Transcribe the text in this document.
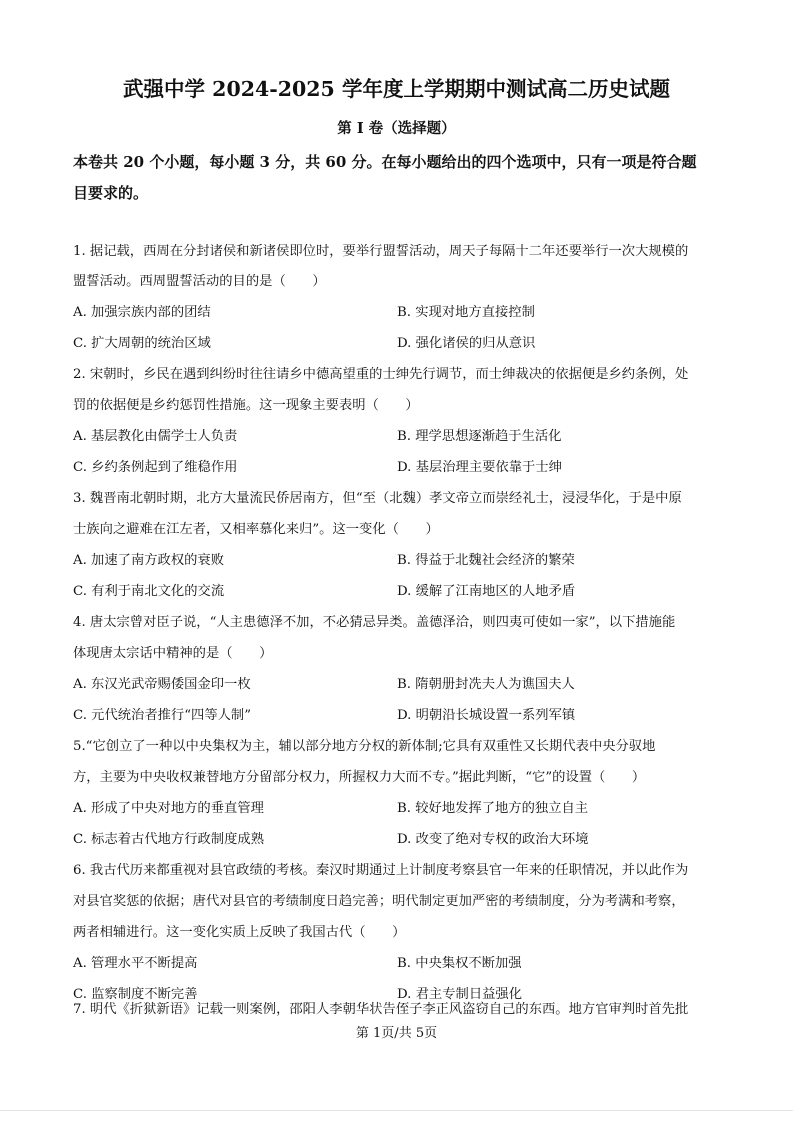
武强中学 2024-2025 学年度上学期期中测试高二历史试题
第 I 卷（选择题）
本卷共 20 个小题，每小题 3 分，共 60 分。在每小题给出的四个选项中，只有一项是符合题
目要求的。
1. 据记载，西周在分封诸侯和新诸侯即位时，要举行盟誓活动，周天子每隔十二年还要举行一次大规模的
盟誓活动。西周盟誓活动的目的是（　　）
A. 加强宗族内部的团结	B. 实现对地方直接控制
C. 扩大周朝的统治区域	D. 强化诸侯的归从意识
2. 宋朝时，乡民在遇到纠纷时往往请乡中德高望重的士绅先行调节，而士绅裁决的依据便是乡约条例，处
罚的依据便是乡约惩罚性措施。这一现象主要表明（　　）
A. 基层教化由儒学士人负责	B. 理学思想逐渐趋于生活化
C. 乡约条例起到了维稳作用	D. 基层治理主要依靠于士绅
3. 魏晋南北朝时期，北方大量流民侨居南方，但“至（北魏）孝文帝立而崇经礼士，浸浸华化，于是中原
士族向之避难在江左者，又相率慕化来归”。这一变化（　　）
A. 加速了南方政权的衰败	B. 得益于北魏社会经济的繁荣
C. 有利于南北文化的交流	D. 缓解了江南地区的人地矛盾
4. 唐太宗曾对臣子说，“人主患德泽不加，不必猜忌异类。盖德泽洽，则四夷可使如一家”，以下措施能
体现唐太宗话中精神的是（　　）
A. 东汉光武帝赐倭国金印一枚	B. 隋朝册封冼夫人为谯国夫人
C. 元代统治者推行“四等人制”	D. 明朝沿长城设置一系列军镇
5.“它创立了一种以中央集权为主，辅以部分地方分权的新体制;它具有双重性又长期代表中央分驭地
方，主要为中央收权兼替地方分留部分权力，所握权力大而不专。”据此判断，“它”的设置（　　）
A. 形成了中央对地方的垂直管理	B. 较好地发挥了地方的独立自主
C. 标志着古代地方行政制度成熟	D. 改变了绝对专权的政治大环境
6. 我古代历来都重视对县官政绩的考核。秦汉时期通过上计制度考察县官一年来的任职情况，并以此作为
对县官奖惩的依据；唐代对县官的考绩制度日趋完善；明代制定更加严密的考绩制度，分为考满和考察，
两者相辅进行。这一变化实质上反映了我国古代（　　）
A. 管理水平不断提高	B. 中央集权不断加强
C. 监察制度不断完善	D. 君主专制日益强化
7. 明代《折狱新语》记载一则案例，邵阳人李朝华状告侄子李正风盗窃自己的东西。地方官审判时首先批
第 1页/共 5页
